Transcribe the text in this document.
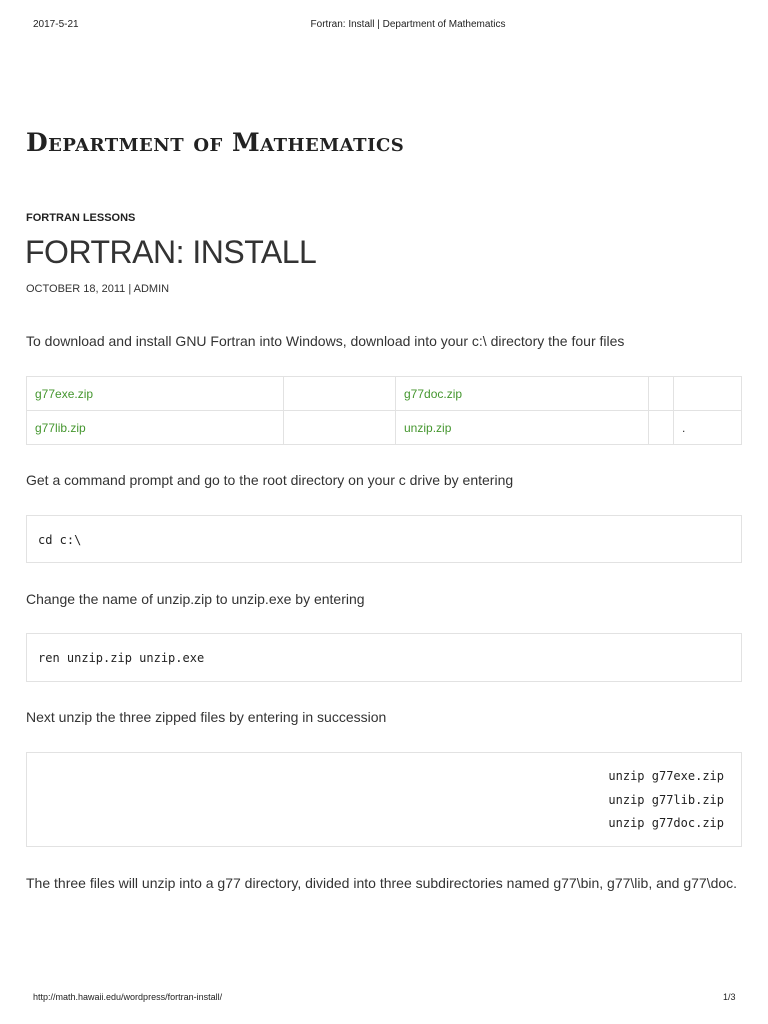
2017-5-21	Fortran: Install | Department of Mathematics
Department of Mathematics
FORTRAN LESSONS
FORTRAN: INSTALL
OCTOBER 18, 2011 | ADMIN

To download and install GNU Fortran into Windows, download into your c:\ directory the four files

g77exe.zip		g77doc.zip		
g77lib.zip		unzip.zip		.

Get a command prompt and go to the root directory on your c drive by entering

cd c:\

Change the name of unzip.zip to unzip.exe by entering

ren unzip.zip unzip.exe

Next unzip the three zipped files by entering in succession

unzip g77exe.zip
unzip g77lib.zip
unzip g77doc.zip

The three files will unzip into a g77 directory, divided into three subdirectories named g77\bin, g77\lib, and g77\doc.

http://math.hawaii.edu/wordpress/fortran-install/	1/3
